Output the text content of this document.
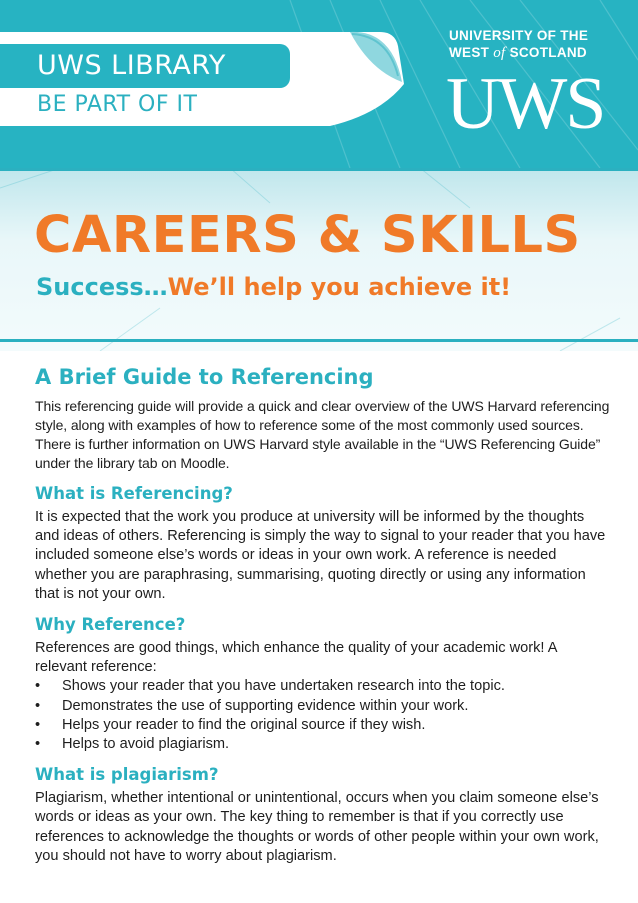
UWS LIBRARY
BE PART OF IT
UNIVERSITY OF THE
WEST of SCOTLAND
UWS
CAREERS & SKILLS
Success…We’ll help you achieve it!
A Brief Guide to Referencing
This referencing guide will provide a quick and clear overview of the UWS Harvard referencing style, along with examples of how to reference some of the most commonly used sources. There is further information on UWS Harvard style available in the “UWS Referencing Guide” under the library tab on Moodle.
What is Referencing?
It is expected that the work you produce at university will be informed by the thoughts and ideas of others. Referencing is simply the way to signal to your reader that you have included someone else’s words or ideas in your own work. A reference is needed whether you are paraphrasing, summarising, quoting directly or using any information that is not your own.
Why Reference?
References are good things, which enhance the quality of your academic work! A relevant reference:
• Shows your reader that you have undertaken research into the topic.
• Demonstrates the use of supporting evidence within your work.
• Helps your reader to find the original source if they wish.
• Helps to avoid plagiarism.
What is plagiarism?
Plagiarism, whether intentional or unintentional, occurs when you claim someone else’s words or ideas as your own. The key thing to remember is that if you correctly use references to acknowledge the thoughts or words of other people within your own work, you should not have to worry about plagiarism.
